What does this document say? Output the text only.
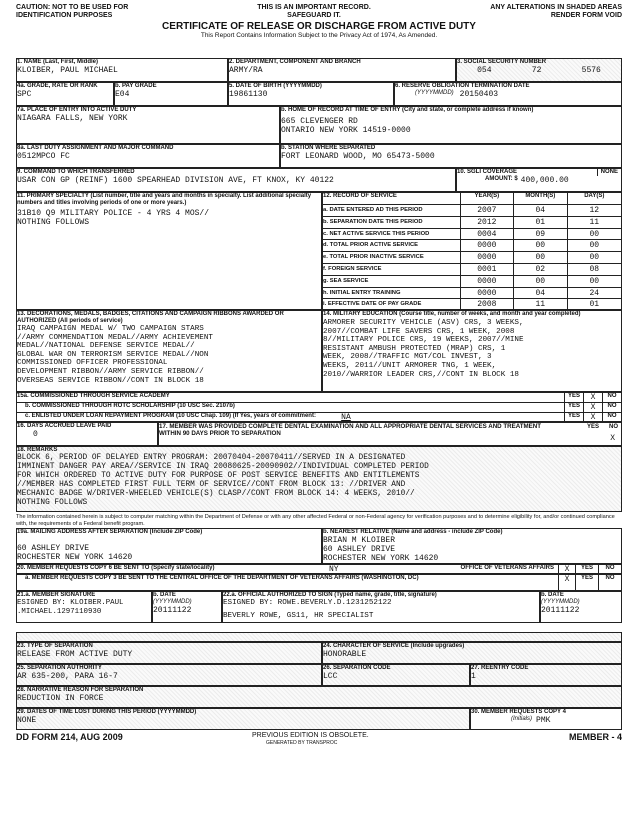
CAUTION: NOT TO BE USED FOR IDENTIFICATION PURPOSES
THIS IS AN IMPORTANT RECORD. SAFEGUARD IT.
ANY ALTERATIONS IN SHADED AREAS RENDER FORM VOID
CERTIFICATE OF RELEASE OR DISCHARGE FROM ACTIVE DUTY
This Report Contains Information Subject to the Privacy Act of 1974, As Amended.
1. NAME (Last, First, Middle)
KLOIBER, PAUL MICHAEL
2. DEPARTMENT, COMPONENT AND BRANCH
ARMY/RA
3. SOCIAL SECURITY NUMBER
054	72	5576
4a. GRADE, RATE OR RANK
SPC
b. PAY GRADE
E04
5. DATE OF BIRTH (YYYYMMDD)
19861130
6. RESERVE OBLIGATION TERMINATION DATE
(YYYYMMDD) 20150403
7a. PLACE OF ENTRY INTO ACTIVE DUTY
NIAGARA FALLS, NEW YORK
b. HOME OF RECORD AT TIME OF ENTRY (City and state, or complete address if known)
665 CLEVENGER RD
ONTARIO NEW YORK 14519-0000
8a. LAST DUTY ASSIGNMENT AND MAJOR COMMAND
0512MPCO FC
b. STATION WHERE SEPARATED
FORT LEONARD WOOD, MO 65473-5000
9. COMMAND TO WHICH TRANSFERRED
USAR CON GP (REINF) 1600 SPEARHEAD DIVISION AVE, FT KNOX, KY 40122
10. SGLI COVERAGE	NONE
AMOUNT: $ 400,000.00
11. PRIMARY SPECIALTY (List number, title and years and months in specialty. List additional specialty numbers and titles involving periods of one or more years.)
31B10 Q9 MILITARY POLICE - 4 YRS 4 MOS//
NOTHING FOLLOWS
12. RECORD OF SERVICE	YEAR(S)	MONTH(S)	DAY(S)
a. DATE ENTERED AD THIS PERIOD	2007	04	12
b. SEPARATION DATE THIS PERIOD	2012	01	11
c. NET ACTIVE SERVICE THIS PERIOD	0004	09	00
d. TOTAL PRIOR ACTIVE SERVICE	0000	00	00
e. TOTAL PRIOR INACTIVE SERVICE	0000	00	00
f. FOREIGN SERVICE	0001	02	08
g. SEA SERVICE	0000	00	00
h. INITIAL ENTRY TRAINING	0000	04	24
i. EFFECTIVE DATE OF PAY GRADE	2008	11	01
13. DECORATIONS, MEDALS, BADGES, CITATIONS AND CAMPAIGN RIBBONS AWARDED OR AUTHORIZED (All periods of service)
IRAQ CAMPAIGN MEDAL W/ TWO CAMPAIGN STARS
//ARMY COMMENDATION MEDAL//ARMY ACHIEVEMENT
MEDAL//NATIONAL DEFENSE SERVICE MEDAL//
GLOBAL WAR ON TERRORISM SERVICE MEDAL//NON
COMMISSIONED OFFICER PROFESSIONAL
DEVELOPMENT RIBBON//ARMY SERVICE RIBBON//
OVERSEAS SERVICE RIBBON//CONT IN BLOCK 18
14. MILITARY EDUCATION (Course title, number of weeks, and month and year completed)
ARMORER SECURITY VEHICLE (ASV) CRS, 3 WEEKS,
2007//COMBAT LIFE SAVERS CRS, 1 WEEK, 2008
8//MILITARY POLICE CRS, 19 WEEKS, 2007//MINE
RESISTANT AMBUSH PROTECTED (MRAP) CRS, 1
WEEK, 2008//TRAFFIC MGT/COL INVEST, 3
WEEKS, 2011//UNIT ARMORER TNG, 1 WEEK,
2010//WARRIOR LEADER CRS,//CONT IN BLOCK 18
15a. COMMISSIONED THROUGH SERVICE ACADEMY	YES	X	NO
b. COMMISSIONED THROUGH ROTC SCHOLARSHIP (10 USC Sec. 2107b)	YES	X	NO
c. ENLISTED UNDER LOAN REPAYMENT PROGRAM (10 USC Chap. 109) (If Yes, years of commitment:	NA	YES	X	NO
16. DAYS ACCRUED LEAVE PAID
0
17. MEMBER WAS PROVIDED COMPLETE DENTAL EXAMINATION AND ALL APPROPRIATE DENTAL SERVICES AND TREATMENT WITHIN 90 DAYS PRIOR TO SEPARATION
YES NO
X
18. REMARKS
BLOCK 6, PERIOD OF DELAYED ENTRY PROGRAM: 20070404-20070411//SERVED IN A DESIGNATED
IMMINENT DANGER PAY AREA//SERVICE IN IRAQ 20080625-20090902//INDIVIDUAL COMPLETED PERIOD
FOR WHICH ORDERED TO ACTIVE DUTY FOR PURPOSE OF POST SERVICE BENEFITS AND ENTITLEMENTS
//MEMBER HAS COMPLETED FIRST FULL TERM OF SERVICE//CONT FROM BLOCK 13: //DRIVER AND
MECHANIC BADGE W/DRIVER-WHEELED VEHICLE(S) CLASP//CONT FROM BLOCK 14: 4 WEEKS, 2010//
NOTHING FOLLOWS
The information contained herein is subject to computer matching within the Department of Defense or with any other affected Federal or non-Federal agency for verification purposes and to determine eligibility for, and/or continued compliance with, the requirements of a Federal benefit program.
19a. MAILING ADDRESS AFTER SEPARATION (Include ZIP Code)
60 ASHLEY DRIVE
ROCHESTER NEW YORK 14620
b. NEAREST RELATIVE (Name and address - include ZIP Code)
BRIAN M KLOIBER
60 ASHLEY DRIVE
ROCHESTER NEW YORK 14620
20. MEMBER REQUESTS COPY 6 BE SENT TO (Specify state/locality)	NY	OFFICE OF VETERANS AFFAIRS	X	YES	NO
a. MEMBER REQUESTS COPY 3 BE SENT TO THE CENTRAL OFFICE OF THE DEPARTMENT OF VETERANS AFFAIRS (WASHINGTON, DC)	X	YES	NO
21.a. MEMBER SIGNATURE
ESIGNED BY: KLOIBER.PAUL
.MICHAEL.1297110930
b. DATE
(YYYYMMDD)
20111122
22.a. OFFICIAL AUTHORIZED TO SIGN (Typed name, grade, title, signature)
ESIGNED BY: ROWE.BEVERLY.D.1231252122
BEVERLY ROWE, GS11, HR SPECIALIST
b. DATE
(YYYYMMDD)
20111122
23. TYPE OF SEPARATION
RELEASE FROM ACTIVE DUTY
24. CHARACTER OF SERVICE (Include upgrades)
HONORABLE
25. SEPARATION AUTHORITY
AR 635-200, PARA 16-7
26. SEPARATION CODE
LCC
27. REENTRY CODE
1
28. NARRATIVE REASON FOR SEPARATION
REDUCTION IN FORCE
29. DATES OF TIME LOST DURING THIS PERIOD (YYYYMMDD)
NONE
30. MEMBER REQUESTS COPY 4
(Initials) PMK
DD FORM 214, AUG 2009	PREVIOUS EDITION IS OBSOLETE.
GENERATED BY TRANSPROC
MEMBER - 4
